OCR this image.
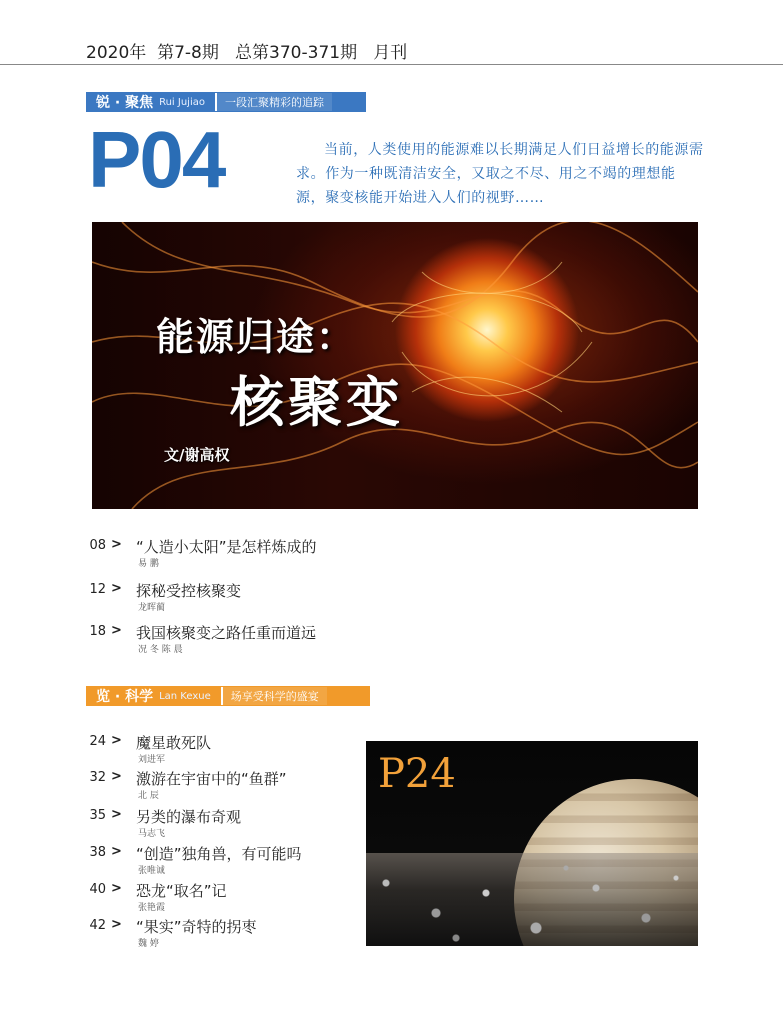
2020年  第7-8期   总第370-371期   月刊
锐 · 聚焦 Rui Jujiao	一段汇聚精彩的追踪
P04	当前，人类使用的能源难以长期满足人们日益增长的能源需求。作为一种既清洁安全，又取之不尽、用之不竭的理想能源，聚变核能开始进入人们的视野……
能源归途：
核聚变
文/谢高权
08 > “人造小太阳”是怎样炼成的
易 鹏
12 > 探秘受控核聚变
龙晖蔺
18 > 我国核聚变之路任重而道远
况 冬 陈 晨
览 · 科学 Lan Kexue	场享受科学的盛宴
24 > 魔星敢死队
刘进军
32 > 激游在宇宙中的“鱼群”
北 辰
35 > 另类的瀑布奇观
马志飞
38 > “创造”独角兽，有可能吗
张唯诚
40 > 恐龙“取名”记
张艳霞
42 > “果实”奇特的拐枣
魏 婷
P24
